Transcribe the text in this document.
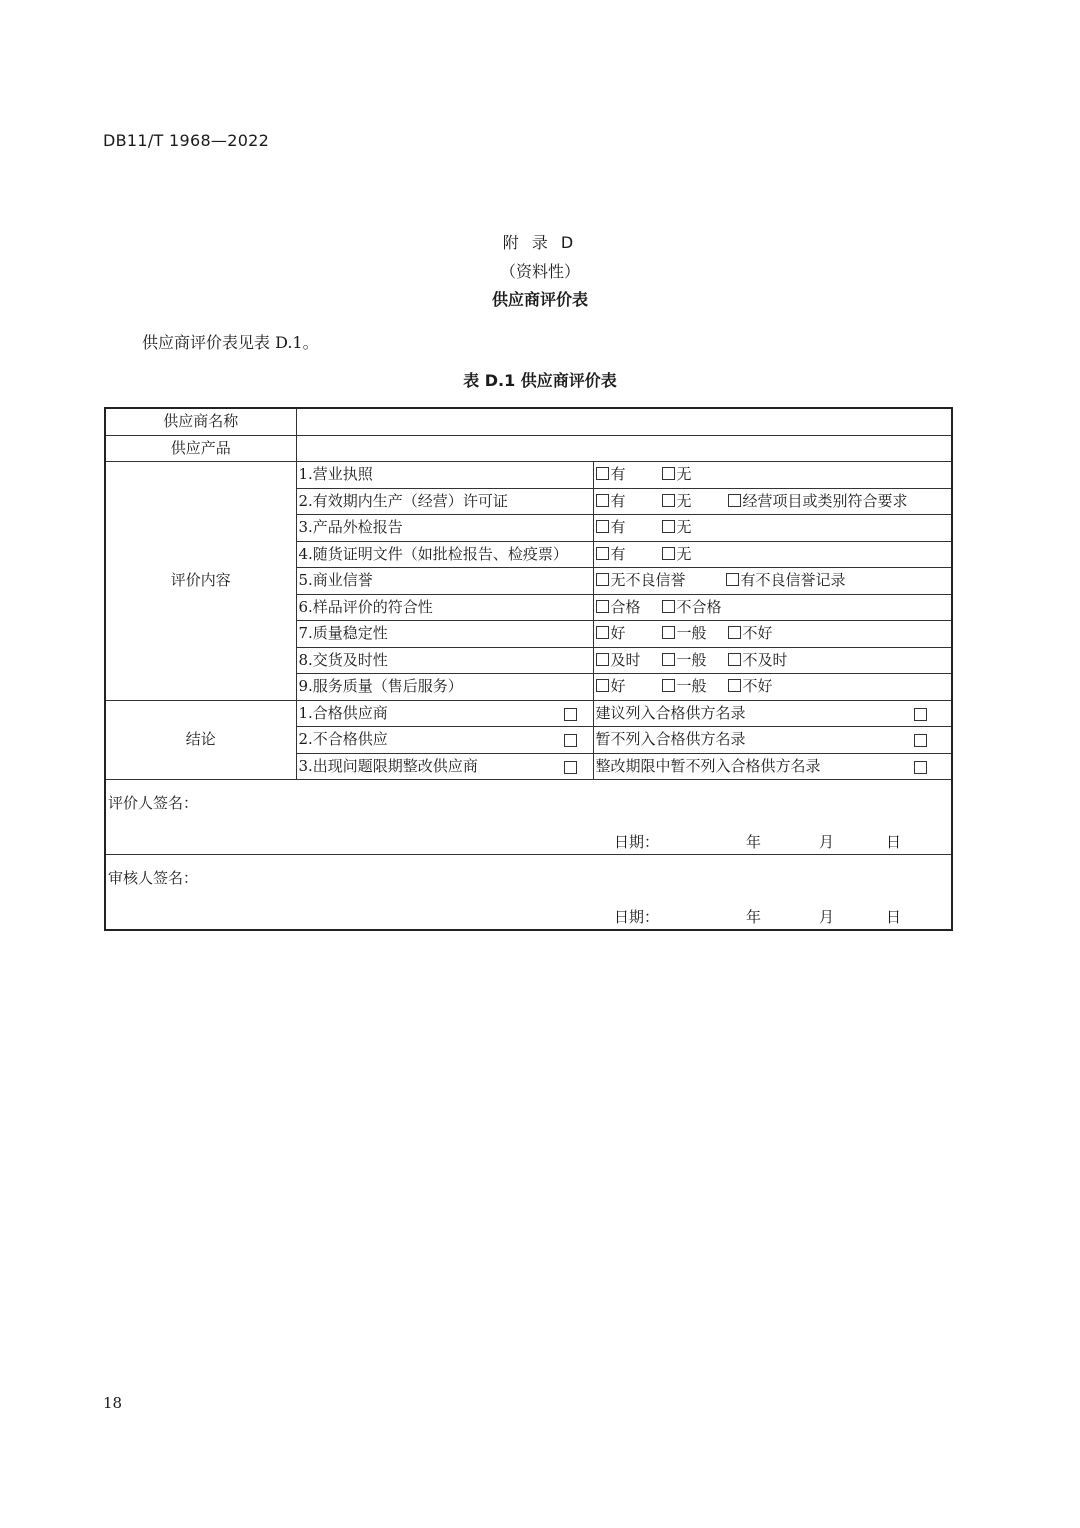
DB11/T 1968—2022
附 录 D
（资料性）
供应商评价表
供应商评价表见表 D.1。
表 D.1 供应商评价表
供应商名称		
供应产品		
评价内容	1.营业执照	有 无
	2.有效期内生产（经营）许可证	有 无 经营项目或类别符合要求
	3.产品外检报告	有 无
	4.随货证明文件（如批检报告、检疫票）	有 无
	5.商业信誉	无不良信誉 有不良信誉记录
	6.样品评价的符合性	合格 不合格
	7.质量稳定性	好 一般 不好
	8.交货及时性	及时 一般 不及时
	9.服务质量（售后服务）	好 一般 不好
结论	1.合格供应商	建议列入合格供方名录

2.不合格供应	暂不列入合格供方名录

3.出现问题限期整改供应商	整改期限中暂不列入合格供方名录

评价人签名：
日期： 年 月 日		

审核人签名：
日期： 年 月 日		
18
